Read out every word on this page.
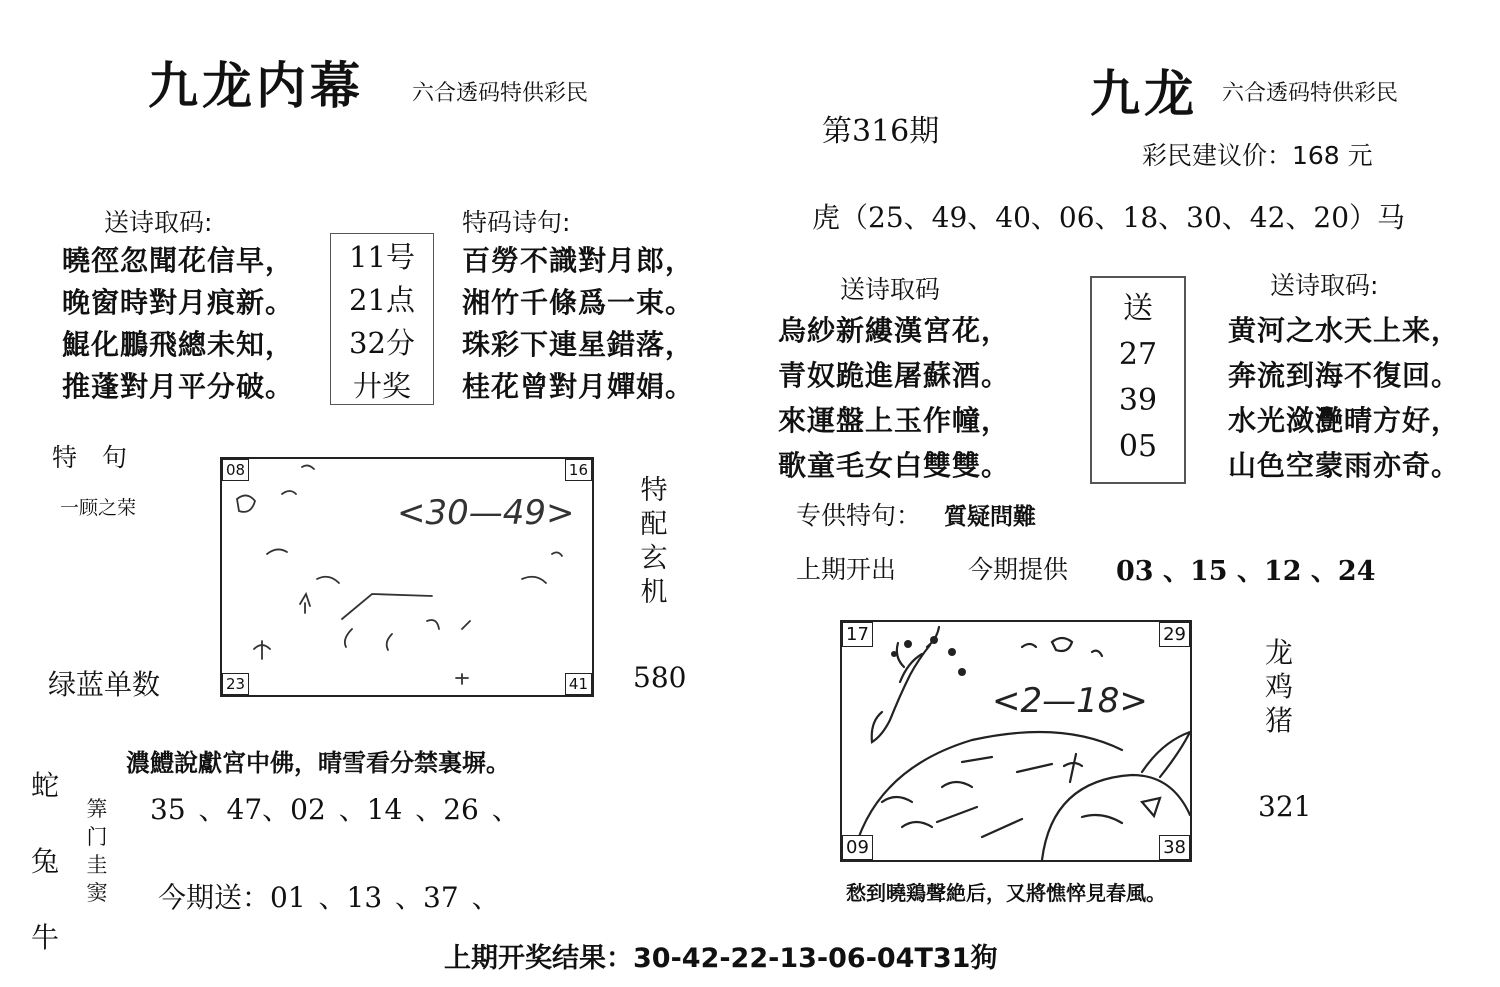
九龙内幕 六合透码特供彩民
送诗取码:
曉徑忽聞花信早，
晚窗時對月痕新。
鯤化鵬飛總未知，
推蓬對月平分破。
11号
21点
32分
廾奖
特码诗句:
百勞不識對月郎，
湘竹千條爲一束。
珠彩下連星錯落，
桂花曾對月嬋娟。
特　句
一顾之荣	<30—49>
08	16
23	41
特
配
玄
机
绿蓝单数	580
蛇
兔
牛
筭
门
圭
窦
濃鱧說獻宮中佛，晴雪看分禁裏塀。
35 、47、02 、14 、26 、
今期送：01 、13 、37 、
第316期
九龙 六合透码特供彩民
彩民建议价：168 元
虎（25、49、40、06、18、30、42、20）马
送诗取码
烏紗新縷漢宮花，
青奴跪進屠蘇酒。
來運盤上玉作幢，
歌童毛女白雙雙。
送
27
39
05
送诗取码:
黄河之水天上来，
奔流到海不復回。
水光潋灧晴方好，
山色空蒙雨亦奇。
专供特句： 質疑問難
上期开出	今期提供 03 、15 、12 、24
<2—18>
17	29
09	38
龙
鸡
猪
321
愁到曉鶏聲絶后，又將憔悴見春風。
上期开奖结果：30-42-22-13-06-04T31狗
